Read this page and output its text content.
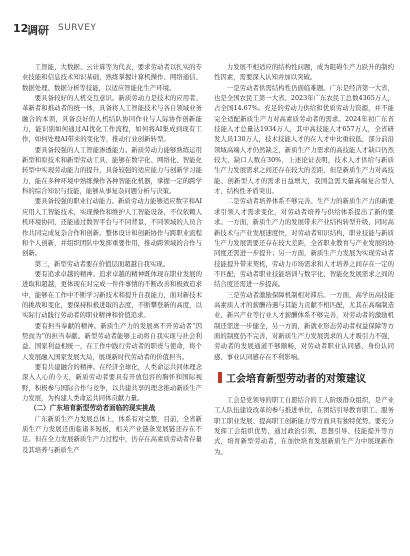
12
调研 SURVEY

工智能、大数据、云计算等为代表，要求劳动者以扎实的专业技能和信息技术知识基础，熟练掌握计算机操作、网络通信、数据处理、数据分析等技能，以适应智能化生产环境。

要具备较好的人机交互意识。新质劳动力是技术的应用者、革新者和推动者的统一体，具备将人工智能技术与各自领域业务融合的本领，具备良好的人机结队协同作业与人际协作创新能力，能识别如何通过AI优化工作流程，如何将AI集成到现有工作，如何处理AI带来的变化等，推动行业创新转型。

要具备较强的人工智能渗透能力。新质劳动力能够熟练运用新型和原技术和新型劳动工具，能够在数字化、网络化、智能化转型中实现劳动能力的提升，具备较强的适应能力与创新学习能力，能在多种环境中熟练操作各种智能化机器，掌握一定的跨学科的综合知识与技能，能够从事复杂问题分析与决策。

要具备较强的职业行动能力。新质劳动力能够适应数字和AI应用人工智能技术，实现操作和维护人工智能设备，不仅依赖人机环境协同，还能通过数智平台与不同背景、不同领域的人员合作共同完成复杂合作和创新。整体设计和创新协作与跨职业流程和个人创新，并组织团队中发挥重要作用，推动跨领域的合作与创新。

第三，新型劳动者要在价值层面超越自我实现。

要有追求卓越的精神。追求卓越的精神既体现在职业发展的进取和超越，更体现在对完成一件件事情的不断改善和极致追求中，能够在工作中不断学习新技术和提升自我能力，面对新技术的挑战和变化，要保持积极进取的态度，不断攀登新的高度，以实际行动践行劳动者的职业精神和价值追求。

要有担当奉献的精神。新质生产力的发展离不开劳动者“因势而为”的担当奉献。新型劳动者能够主动将自我实现与社会利益、国家利益相统一，在工作中践行劳动者的职责与使命，将个人发展融入国家发展大局，展现新时代劳动者的价值担当。

要有共建融合的精神。在经济全球化，人类命运共同体理念深入人心的今天，新质劳动者要具有开放包容的胸怀和国际视野，积极参与国际合作与竞争，以共建共享的理念推动新质生产力发展，为构建人类命运共同体贡献力量。

（二）广东培育新型劳动者面临的现实挑战

广东新质生产力发展总体上，体系有对完整，目前，全省新质生产力发展还面临诸多短板，相关产业链条发展链还存在不足。但在全力发展新质生产力过程中，仍存在高素质劳动者存量及其培养与新质生产

力发展不相适应的结构性问题，成为阻碍生产力跃升的制约性因素，需要深入认知并加以突破。

一是劳动者供需结构性仍面临难题。广东是经济第一大省，也是全国农民工第一大省。2023年广东农民工总数4365万人，占全国14.67%。充足的劳动力供给和优质劳动力资源，并不能完全适配新质生产力对高素质劳动者的需求。2024年初广东省技能人才总量达1934万人，其中高技能人才657万人，全省研发人员130万人，技术技能人才的在人才中比重较低，部分前沿领域高端人才仍然缺乏，新质生产力需求的高技能人才缺口仍然较大，缺口人数在30%，上述论证表明，技术人才供给与新质生产力发展需求之间还存在较大的差距，但是新质生产力对高技能、创新型人才的需求日益增大，我国急需大量高端复合型人才、结构性矛盾突出。

二是劳动者培养体系不够完善。生产力的新质生产力的新要求引领人才需求变化，对劳动者培养与供给体系提出了新的要求。一方面，新质生产力的发展带来产业结构转型升级，同时高新技术与产业发展速度快，对劳动者知识结构，职业技能与新质生产力发展需要还存在较大差距，全省职业教育与产业发展的协同度还需进一步提升；另一方面，新质生产力发展为实现劳动者技能提升带来契机，劳动力市场需求和人才培养之间存在一定的不匹配，劳动者职业技能培训与数字化、智能化发展需求之间的结合度还需进一步提高。

三是劳动者激励保障机制相对滞后。一方面，高学历高技能高素质人才的薪酬待遇与其能力贡献不相匹配，尤其在高端制造业、新兴产业等行业人才薪酬体系不够完善，对劳动者的激励机制还需进一步健全，另一方面，新就业形态劳动者权益保障等方面的制度仍不完善，对新质生产力发展需求的人才吸引力不强，劳动者的发展通道不够顺畅，对劳动者职业认同感、身份认同感、事业认同感存在不利影响。

工会培育新型劳动者的对策建议

工会是党领导的职工自愿结合的工人阶级群众组织，是产业工人队伍建设改革的参与推进单位，在团结引导教育职工、服务职工职业发展、提高职工创新能力等方面具有独特优势。要充分发挥工会组织优势，通过政治引领、思想引导、技能提升等方式，培育新型劳动者，在加快培育发展新质生产力中展现新作为。
